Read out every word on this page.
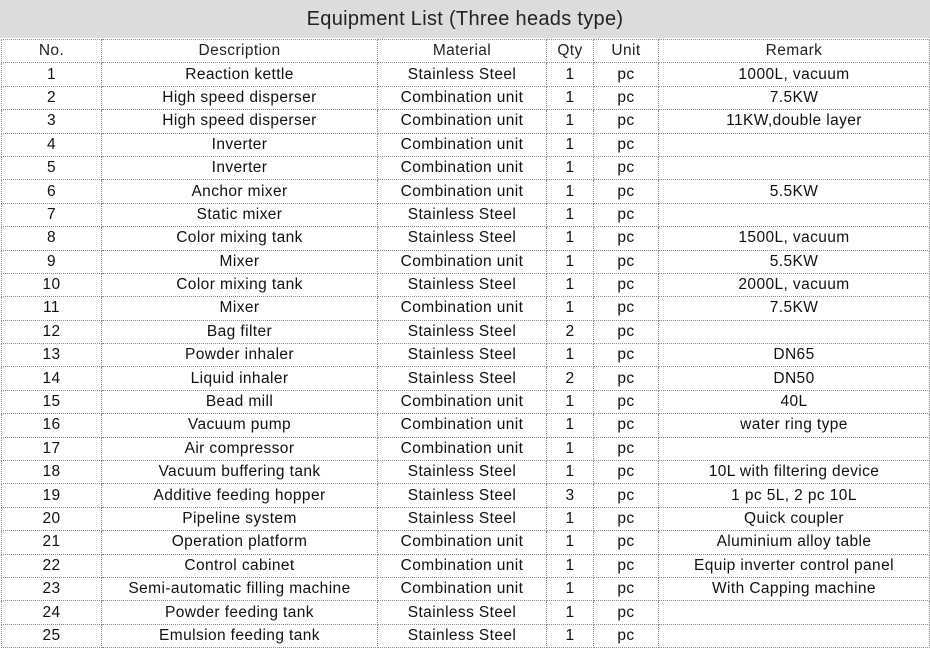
Equipment List (Three heads type)
No.	Description	Material	Qty	Unit	Remark
1	Reaction kettle	Stainless Steel	1	pc	1000L, vacuum
2	High speed disperser	Combination unit	1	pc	7.5KW
3	High speed disperser	Combination unit	1	pc	11KW,double layer
4	Inverter	Combination unit	1	pc	
5	Inverter	Combination unit	1	pc	
6	Anchor mixer	Combination unit	1	pc	5.5KW
7	Static mixer	Stainless Steel	1	pc	
8	Color mixing tank	Stainless Steel	1	pc	1500L, vacuum
9	Mixer	Combination unit	1	pc	5.5KW
10	Color mixing tank	Stainless Steel	1	pc	2000L, vacuum
11	Mixer	Combination unit	1	pc	7.5KW
12	Bag filter	Stainless Steel	2	pc	
13	Powder inhaler	Stainless Steel	1	pc	DN65
14	Liquid inhaler	Stainless Steel	2	pc	DN50
15	Bead mill	Combination unit	1	pc	40L
16	Vacuum pump	Combination unit	1	pc	water ring type
17	Air compressor	Combination unit	1	pc	
18	Vacuum buffering tank	Stainless Steel	1	pc	10L with filtering device
19	Additive feeding hopper	Stainless Steel	3	pc	1 pc 5L, 2 pc 10L
20	Pipeline system	Stainless Steel	1	pc	Quick coupler
21	Operation platform	Combination unit	1	pc	Aluminium alloy table
22	Control cabinet	Combination unit	1	pc	Equip inverter control panel
23	Semi-automatic filling machine	Combination unit	1	pc	With Capping machine
24	Powder feeding tank	Stainless Steel	1	pc	
25	Emulsion feeding tank	Stainless Steel	1	pc	
